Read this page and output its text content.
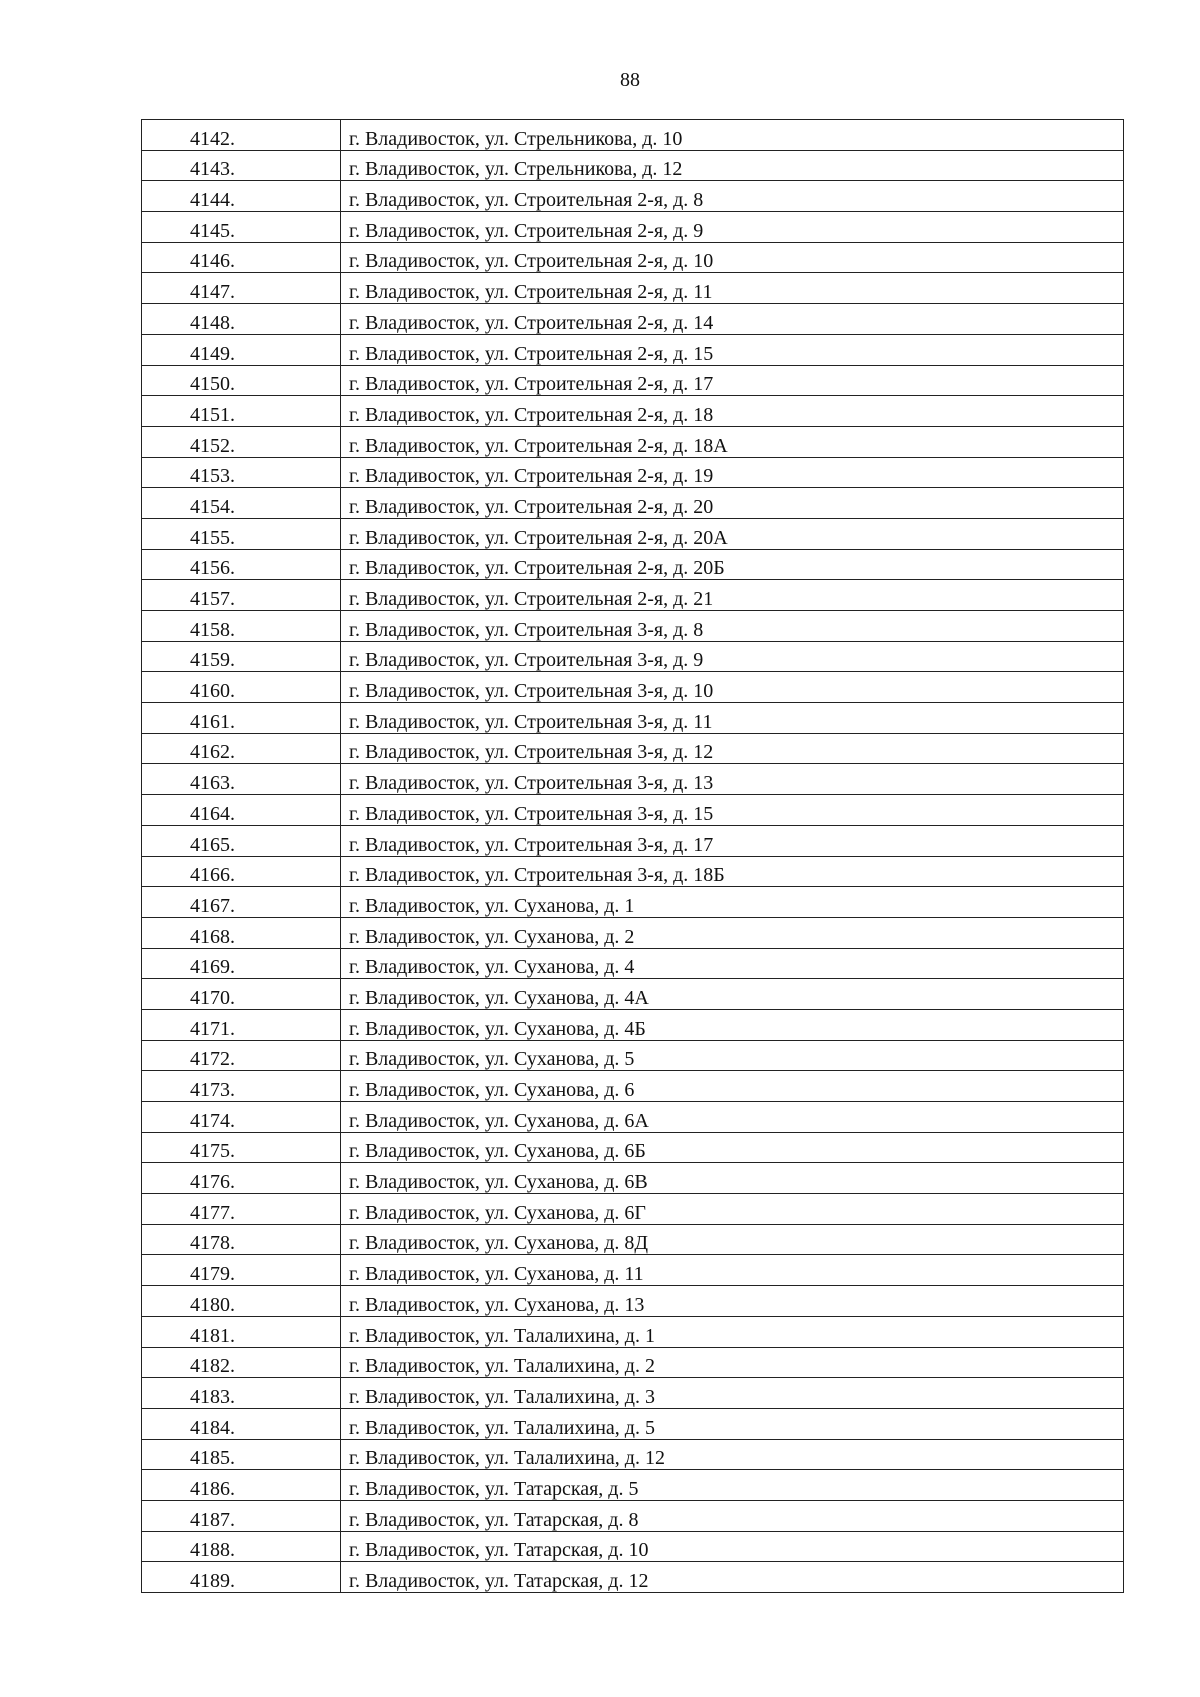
88
4142.	г. Владивосток, ул. Стрельникова, д. 10
4143.	г. Владивосток, ул. Стрельникова, д. 12
4144.	г. Владивосток, ул. Строительная 2-я, д. 8
4145.	г. Владивосток, ул. Строительная 2-я, д. 9
4146.	г. Владивосток, ул. Строительная 2-я, д. 10
4147.	г. Владивосток, ул. Строительная 2-я, д. 11
4148.	г. Владивосток, ул. Строительная 2-я, д. 14
4149.	г. Владивосток, ул. Строительная 2-я, д. 15
4150.	г. Владивосток, ул. Строительная 2-я, д. 17
4151.	г. Владивосток, ул. Строительная 2-я, д. 18
4152.	г. Владивосток, ул. Строительная 2-я, д. 18А
4153.	г. Владивосток, ул. Строительная 2-я, д. 19
4154.	г. Владивосток, ул. Строительная 2-я, д. 20
4155.	г. Владивосток, ул. Строительная 2-я, д. 20А
4156.	г. Владивосток, ул. Строительная 2-я, д. 20Б
4157.	г. Владивосток, ул. Строительная 2-я, д. 21
4158.	г. Владивосток, ул. Строительная 3-я, д. 8
4159.	г. Владивосток, ул. Строительная 3-я, д. 9
4160.	г. Владивосток, ул. Строительная 3-я, д. 10
4161.	г. Владивосток, ул. Строительная 3-я, д. 11
4162.	г. Владивосток, ул. Строительная 3-я, д. 12
4163.	г. Владивосток, ул. Строительная 3-я, д. 13
4164.	г. Владивосток, ул. Строительная 3-я, д. 15
4165.	г. Владивосток, ул. Строительная 3-я, д. 17
4166.	г. Владивосток, ул. Строительная 3-я, д. 18Б
4167.	г. Владивосток, ул. Суханова, д. 1
4168.	г. Владивосток, ул. Суханова, д. 2
4169.	г. Владивосток, ул. Суханова, д. 4
4170.	г. Владивосток, ул. Суханова, д. 4А
4171.	г. Владивосток, ул. Суханова, д. 4Б
4172.	г. Владивосток, ул. Суханова, д. 5
4173.	г. Владивосток, ул. Суханова, д. 6
4174.	г. Владивосток, ул. Суханова, д. 6А
4175.	г. Владивосток, ул. Суханова, д. 6Б
4176.	г. Владивосток, ул. Суханова, д. 6В
4177.	г. Владивосток, ул. Суханова, д. 6Г
4178.	г. Владивосток, ул. Суханова, д. 8Д
4179.	г. Владивосток, ул. Суханова, д. 11
4180.	г. Владивосток, ул. Суханова, д. 13
4181.	г. Владивосток, ул. Талалихина, д. 1
4182.	г. Владивосток, ул. Талалихина, д. 2
4183.	г. Владивосток, ул. Талалихина, д. 3
4184.	г. Владивосток, ул. Талалихина, д. 5
4185.	г. Владивосток, ул. Талалихина, д. 12
4186.	г. Владивосток, ул. Татарская, д. 5
4187.	г. Владивосток, ул. Татарская, д. 8
4188.	г. Владивосток, ул. Татарская, д. 10
4189.	г. Владивосток, ул. Татарская, д. 12
